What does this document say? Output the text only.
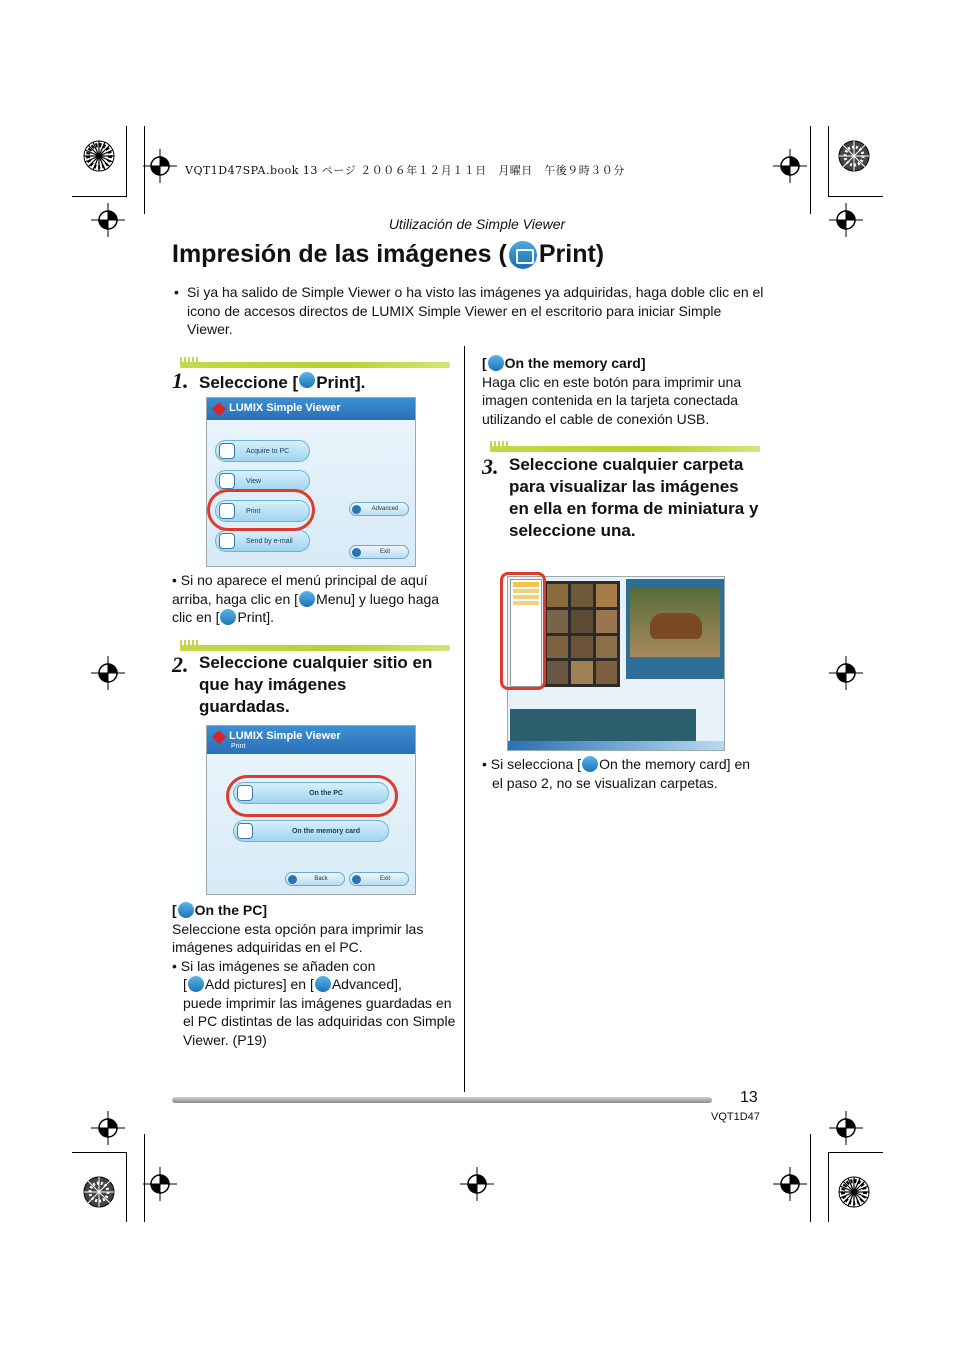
VQT1D47SPA.book 13 ページ ２００６年１２月１１日　月曜日　午後９時３０分
Utilización de Simple Viewer
Impresión de las imágenes ( Print)
• Si ya ha salido de Simple Viewer o ha visto las imágenes ya adquiridas, haga doble clic en el icono de accesos directos de LUMIX Simple Viewer en el escritorio para iniciar Simple Viewer.
1. Seleccione [ Print].
LUMIX Simple Viewer
Acquire to PC
View
Print
Send by e-mail
Advanced
Exit
• Si no aparece el menú principal de aquí arriba, haga clic en [ Menu] y luego haga clic en [ Print].
2. Seleccione cualquier sitio en que hay imágenes guardadas.
LUMIX Simple Viewer
Print
On the PC
On the memory card
Back	Exit
[ On the PC]
Seleccione esta opción para imprimir las imágenes adquiridas en el PC.
• Si las imágenes se añaden con
[ Add pictures] en [ Advanced],
puede imprimir las imágenes guardadas en el PC distintas de las adquiridas con Simple Viewer. (P19)
[ On the memory card]
Haga clic en este botón para imprimir una imagen contenida en la tarjeta conectada utilizando el cable de conexión USB.
3. Seleccione cualquier carpeta para visualizar las imágenes en ella en forma de miniatura y seleccione una.
• Si selecciona [ On the memory card] en el paso 2, no se visualizan carpetas.
13
VQT1D47
